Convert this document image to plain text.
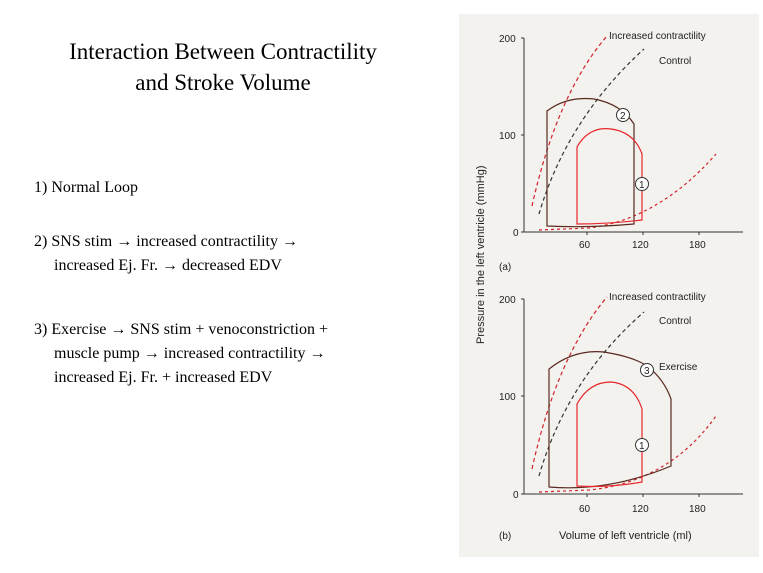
Interaction Between Contractility
and Stroke Volume
1) Normal Loop
2) SNS stim → increased contractility →
increased Ej. Fr. → decreased EDV
3) Exercise → SNS stim + venoconstriction +
muscle pump → increased contractility →
increased Ej. Fr. + increased EDV
Pressure in the left ventricle (mmHg)
200
100
0
60	120	180
(a)
Increased contractility
Control
2
1
200
100
0
60	120	180
(b)	Volume of left ventricle (ml)
Increased contractility
Control
Exercise
3
1
